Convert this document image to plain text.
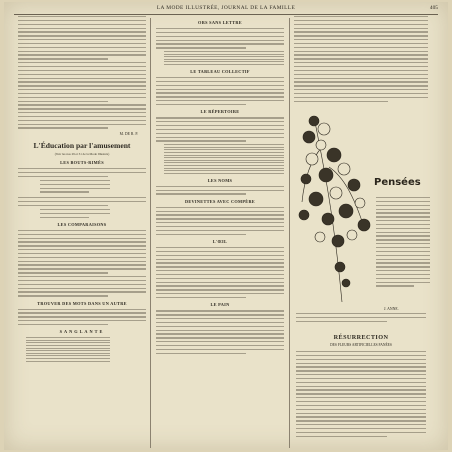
LA MODE ILLUSTRÉE, JOURNAL DE LA FAMILLE	405
M. DE R. P.
L'Éducation par l'amusement
(Voir les nos 29 et 31 de la Mode Illustrée)
LES BOUTS-RIMÉS
LES COMPARAISONS
TROUVER DES MOTS DANS UN AUTRE
SANGLANTE
ORS SANS LETTRE
LE TABLEAU COLLECTIF
LE RÉPERTOIRE
LES NOMS
DEVINETTES AVEC COMPÈRE
L'ŒIL
LE PAIN
Pensées
J. ANNE.
RÉSURRECTION
DES FLEURS ARTIFICIELLES FANÉES
